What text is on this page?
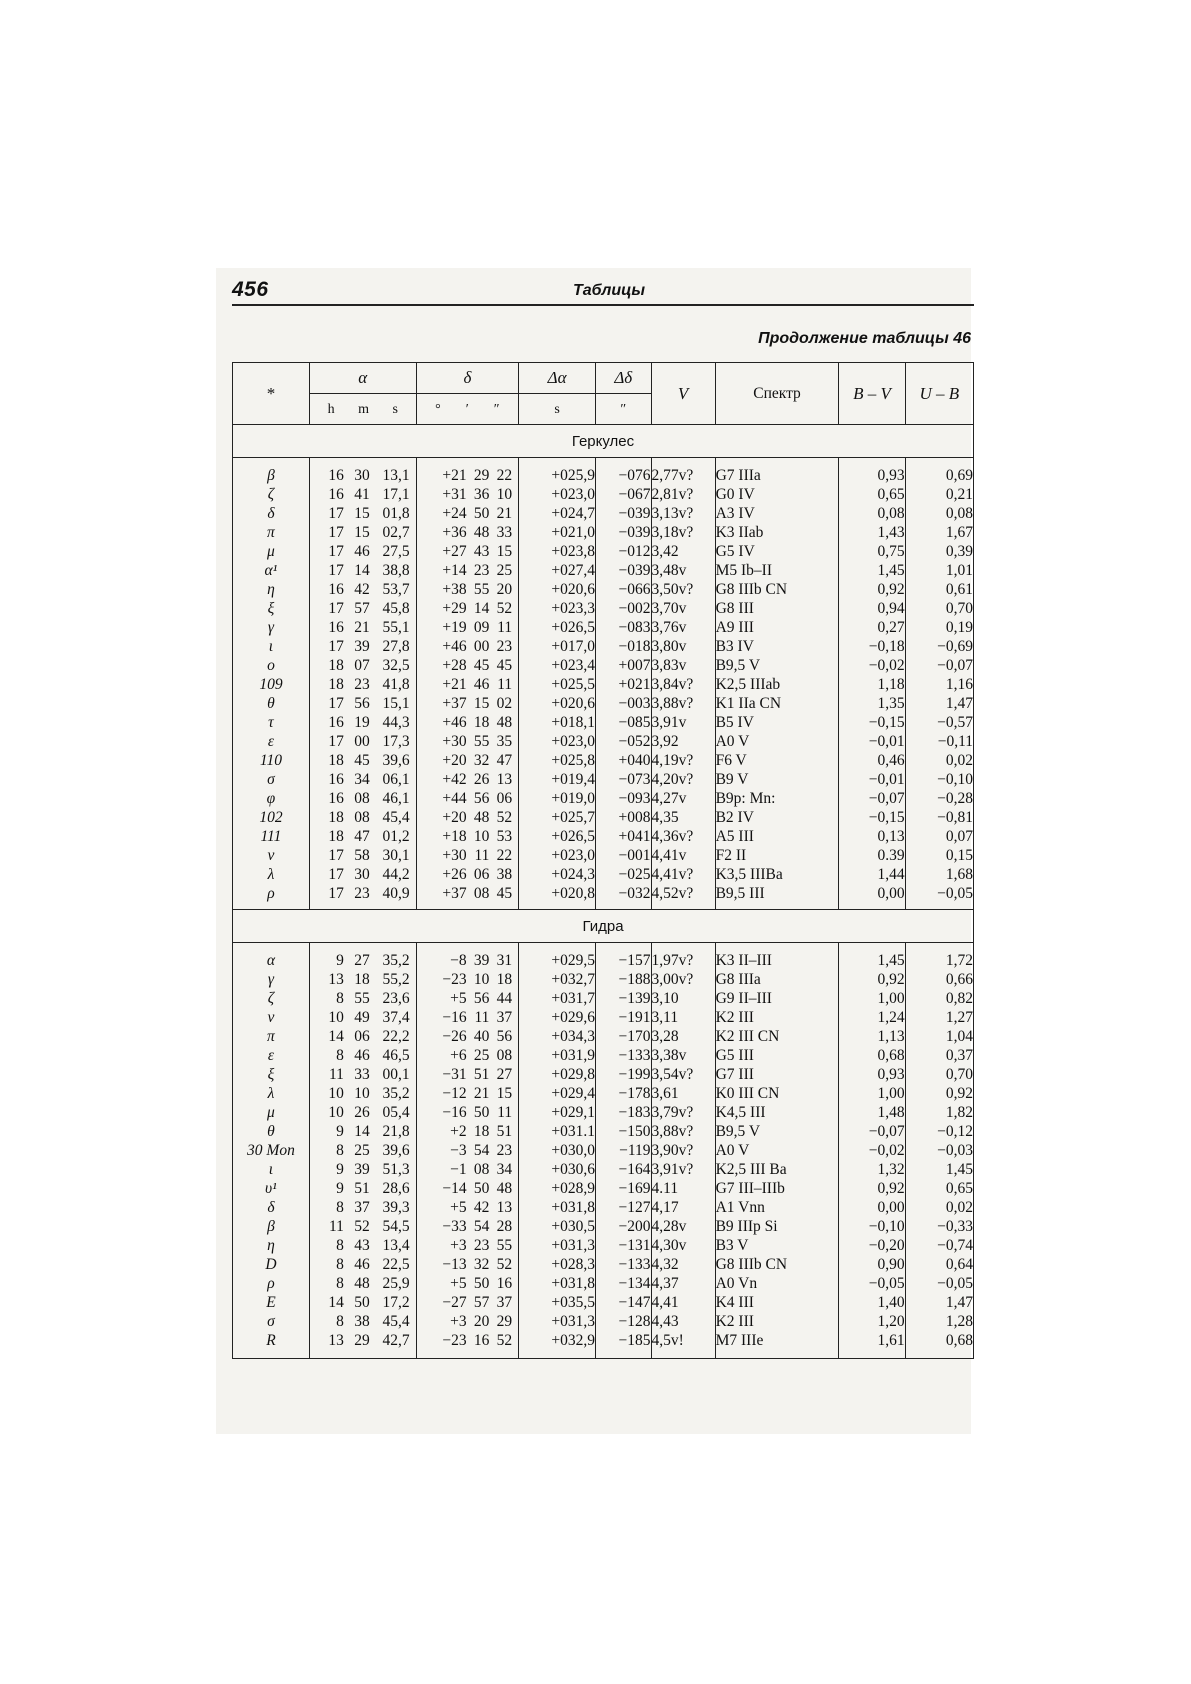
456	Таблицы
Продолжение таблицы 46
*	α	δ	Δα	Δδ	V	Спектр	B – V	U – B

	h m s	° ′ ″	s	″				

Геркулес								

β	16 30 13,1	+21 29 22	+025,9	−076	2,77v?	G7 IIIa	0,93	0,69
ζ	16 41 17,1	+31 36 10	+023,0	−067	2,81v?	G0 IV	0,65	0,21
δ	17 15 01,8	+24 50 21	+024,7	−039	3,13v?	A3 IV	0,08	0,08
π	17 15 02,7	+36 48 33	+021,0	−039	3,18v?	K3 IIab	1,43	1,67
μ	17 46 27,5	+27 43 15	+023,8	−012	3,42	G5 IV	0,75	0,39
α¹	17 14 38,8	+14 23 25	+027,4	−039	3,48v	M5 Ib–II	1,45	1,01
η	16 42 53,7	+38 55 20	+020,6	−066	3,50v?	G8 IIIb CN	0,92	0,61
ξ	17 57 45,8	+29 14 52	+023,3	−002	3,70v	G8 III	0,94	0,70
γ	16 21 55,1	+19 09 11	+026,5	−083	3,76v	A9 III	0,27	0,19
ι	17 39 27,8	+46 00 23	+017,0	−018	3,80v	B3 IV	−0,18	−0,69
ο	18 07 32,5	+28 45 45	+023,4	+007	3,83v	B9,5 V	−0,02	−0,07
109	18 23 41,8	+21 46 11	+025,5	+021	3,84v?	K2,5 IIIab	1,18	1,16
θ	17 56 15,1	+37 15 02	+020,6	−003	3,88v?	K1 IIa CN	1,35	1,47
τ	16 19 44,3	+46 18 48	+018,1	−085	3,91v	B5 IV	−0,15	−0,57
ε	17 00 17,3	+30 55 35	+023,0	−052	3,92	A0 V	−0,01	−0,11
110	18 45 39,6	+20 32 47	+025,8	+040	4,19v?	F6 V	0,46	0,02
σ	16 34 06,1	+42 26 13	+019,4	−073	4,20v?	B9 V	−0,01	−0,10
φ	16 08 46,1	+44 56 06	+019,0	−093	4,27v	B9p: Mn:	−0,07	−0,28
102	18 08 45,4	+20 48 52	+025,7	+008	4,35	B2 IV	−0,15	−0,81
111	18 47 01,2	+18 10 53	+026,5	+041	4,36v?	A5 III	0,13	0,07
ν	17 58 30,1	+30 11 22	+023,0	−001	4,41v	F2 II	0.39	0,15
λ	17 30 44,2	+26 06 38	+024,3	−025	4,41v?	K3,5 IIIBa	1,44	1,68
ρ	17 23 40,9	+37 08 45	+020,8	−032	4,52v?	B9,5 III	0,00	−0,05

Гидра								

α	9 27 35,2	−8 39 31	+029,5	−157	1,97v?	K3 II–III	1,45	1,72
γ	13 18 55,2	−23 10 18	+032,7	−188	3,00v?	G8 IIIa	0,92	0,66
ζ	8 55 23,6	+5 56 44	+031,7	−139	3,10	G9 II–III	1,00	0,82
ν	10 49 37,4	−16 11 37	+029,6	−191	3,11	K2 III	1,24	1,27
π	14 06 22,2	−26 40 56	+034,3	−170	3,28	K2 III CN	1,13	1,04
ε	8 46 46,5	+6 25 08	+031,9	−133	3,38v	G5 III	0,68	0,37
ξ	11 33 00,1	−31 51 27	+029,8	−199	3,54v?	G7 III	0,93	0,70
λ	10 10 35,2	−12 21 15	+029,4	−178	3,61	K0 III CN	1,00	0,92
μ	10 26 05,4	−16 50 11	+029,1	−183	3,79v?	K4,5 III	1,48	1,82
θ	9 14 21,8	+2 18 51	+031.1	−150	3,88v?	B9,5 V	−0,07	−0,12
30 Mon	8 25 39,6	−3 54 23	+030,0	−119	3,90v?	A0 V	−0,02	−0,03
ι	9 39 51,3	−1 08 34	+030,6	−164	3,91v?	K2,5 III Ba	1,32	1,45
υ¹	9 51 28,6	−14 50 48	+028,9	−169	4.11	G7 III–IIIb	0,92	0,65
δ	8 37 39,3	+5 42 13	+031,8	−127	4,17	A1 Vnn	0,00	0,02
β	11 52 54,5	−33 54 28	+030,5	−200	4,28v	B9 IIIp Si	−0,10	−0,33
η	8 43 13,4	+3 23 55	+031,3	−131	4,30v	B3 V	−0,20	−0,74
D	8 46 22,5	−13 32 52	+028,3	−133	4,32	G8 IIIb CN	0,90	0,64
ρ	8 48 25,9	+5 50 16	+031,8	−134	4,37	A0 Vn	−0,05	−0,05
E	14 50 17,2	−27 57 37	+035,5	−147	4,41	K4 III	1,40	1,47
σ	8 38 45,4	+3 20 29	+031,3	−128	4,43	K2 III	1,20	1,28
R	13 29 42,7	−23 16 52	+032,9	−185	4,5v!	M7 IIIe	1,61	0,68
